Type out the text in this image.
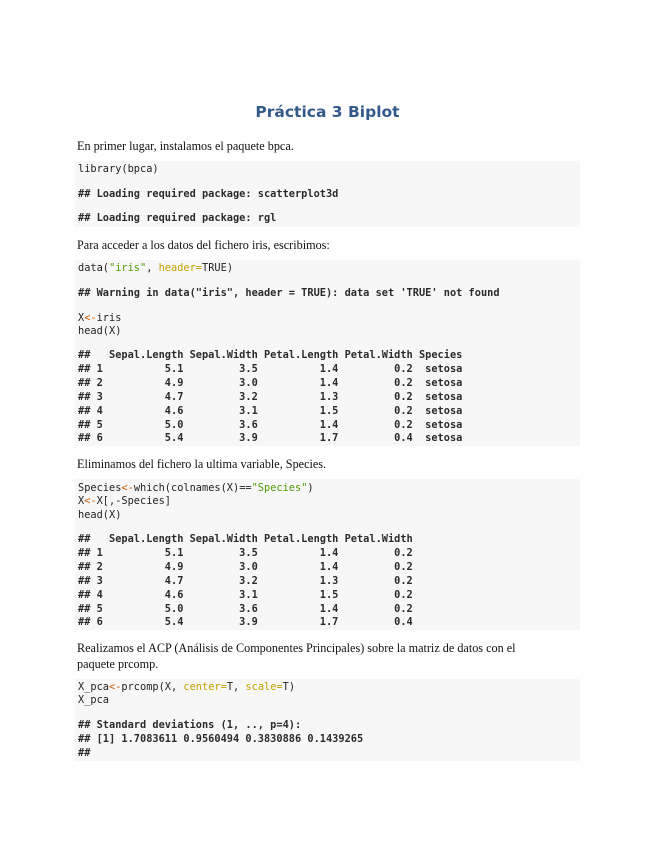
Práctica 3 Biplot
En primer lugar, instalamos el paquete bpca.
library(bpca)
## Loading required package: scatterplot3d
## Loading required package: rgl
Para acceder a los datos del fichero iris, escribimos:
data("iris", header=TRUE)
## Warning in data("iris", header = TRUE): data set 'TRUE' not found
X<-iris
head(X)
##   Sepal.Length Sepal.Width Petal.Length Petal.Width Species
## 1          5.1         3.5          1.4         0.2  setosa
## 2          4.9         3.0          1.4         0.2  setosa
## 3          4.7         3.2          1.3         0.2  setosa
## 4          4.6         3.1          1.5         0.2  setosa
## 5          5.0         3.6          1.4         0.2  setosa
## 6          5.4         3.9          1.7         0.4  setosa
Eliminamos del fichero la ultima variable, Species.
Species<-which(colnames(X)=="Species")
X<-X[,-Species]
head(X)
##   Sepal.Length Sepal.Width Petal.Length Petal.Width
## 1          5.1         3.5          1.4         0.2
## 2          4.9         3.0          1.4         0.2
## 3          4.7         3.2          1.3         0.2
## 4          4.6         3.1          1.5         0.2
## 5          5.0         3.6          1.4         0.2
## 6          5.4         3.9          1.7         0.4
Realizamos el ACP (Análisis de Componentes Principales) sobre la matriz de datos con el
paquete prcomp.
X_pca<-prcomp(X, center=T, scale=T)
X_pca
## Standard deviations (1, .., p=4):
## [1] 1.7083611 0.9560494 0.3830886 0.1439265
##
